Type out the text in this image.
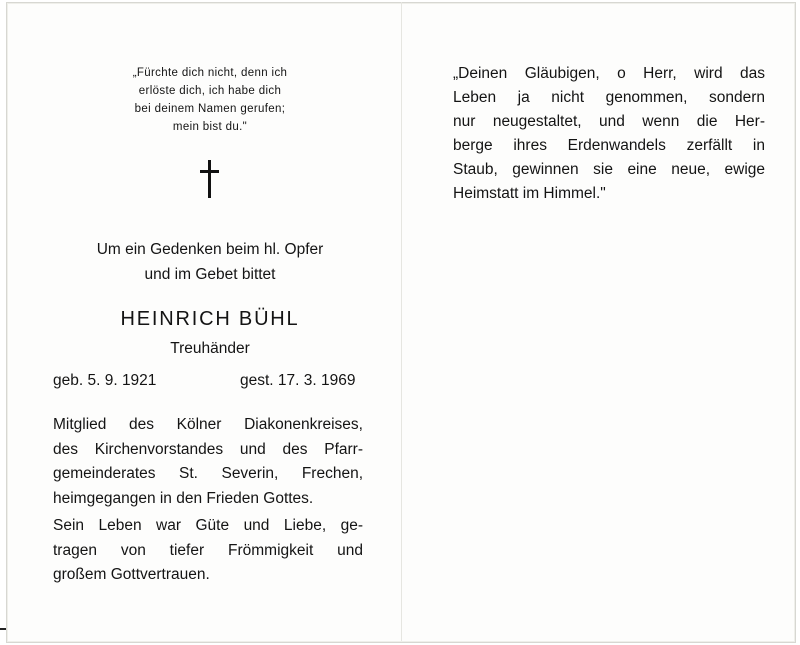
„Fürchte dich nicht, denn ich
erlöste dich, ich habe dich
bei deinem Namen gerufen;
mein bist du."
Um ein Gedenken beim hl. Opfer
und im Gebet bittet
HEINRICH BÜHL
Treuhänder
geb. 5. 9. 1921	gest. 17. 3. 1969
Mitglied des Kölner Diakonenkreises,
des Kirchenvorstandes und des Pfarr-
gemeinderates St. Severin, Frechen,
heimgegangen in den Frieden Gottes.
Sein Leben war Güte und Liebe, ge-
tragen von tiefer Frömmigkeit und
großem Gottvertrauen.
„Deinen Gläubigen, o Herr, wird das
Leben ja nicht genommen, sondern
nur neugestaltet, und wenn die Her-
berge ihres Erdenwandels zerfällt in
Staub, gewinnen sie eine neue, ewige
Heimstatt im Himmel."
